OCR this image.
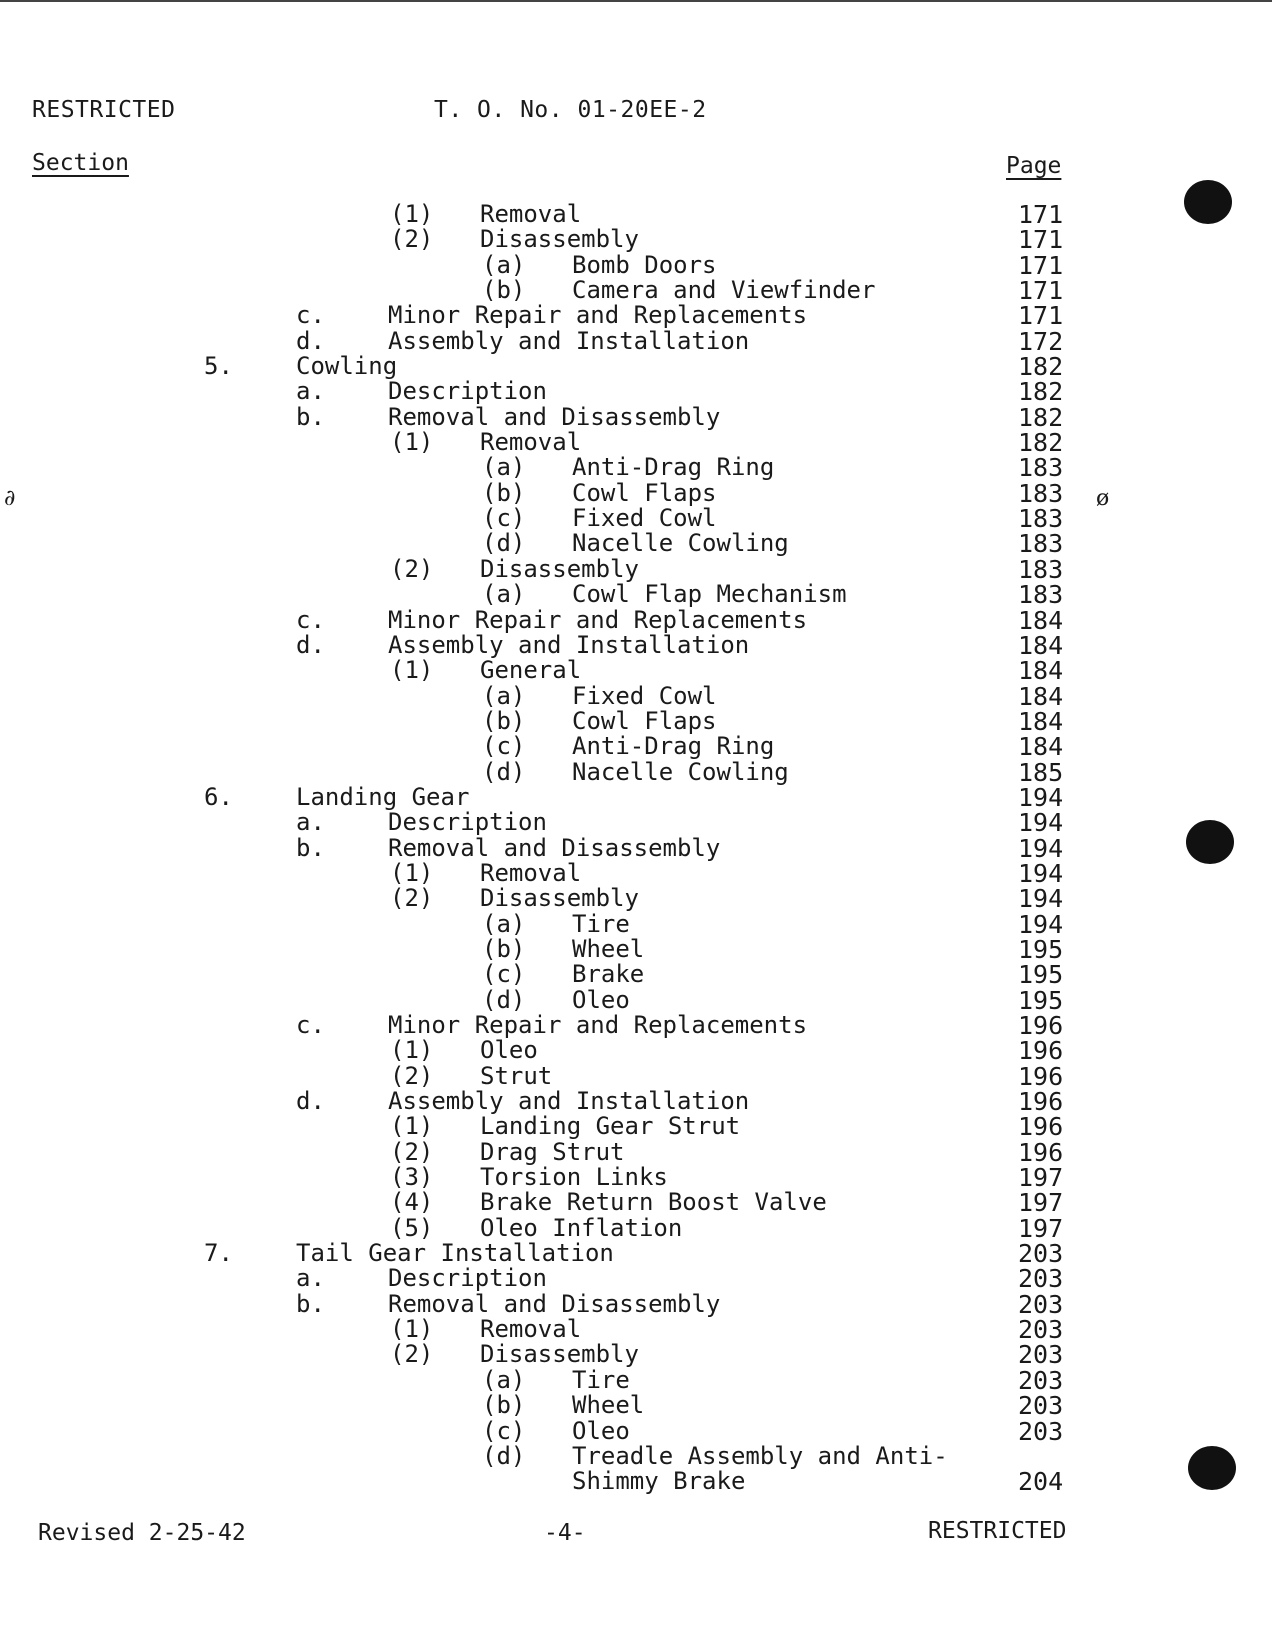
RESTRICTED	T. O. No. 01-20EE-2
Section	Page
(1) Removal	171
(2) Disassembly	171
(a) Bomb Doors	171
(b) Camera and Viewfinder	171
c.	Minor Repair and Replacements	171
d.	Assembly and Installation	172
5.	Cowling	182
a.	Description	182
b.	Removal and Disassembly	182
(1) Removal	182
(a) Anti-Drag Ring	183
(b) Cowl Flaps	183
(c) Fixed Cowl	183
(d) Nacelle Cowling	183
(2) Disassembly	183
(a) Cowl Flap Mechanism	183
c.	Minor Repair and Replacements	184
d.	Assembly and Installation	184
(1) General	184
(a) Fixed Cowl	184
(b) Cowl Flaps	184
(c) Anti-Drag Ring	184
(d) Nacelle Cowling	185
6.	Landing Gear	194
a.	Description	194
b.	Removal and Disassembly	194
(1) Removal	194
(2) Disassembly	194
(a) Tire	194
(b) Wheel	195
(c) Brake	195
(d) Oleo	195
c.	Minor Repair and Replacements	196
(1) Oleo	196
(2) Strut	196
d.	Assembly and Installation	196
(1) Landing Gear Strut	196
(2) Drag Strut	196
(3) Torsion Links	197
(4) Brake Return Boost Valve	197
(5) Oleo Inflation	197
7.	Tail Gear Installation	203
a.	Description	203
b.	Removal and Disassembly	203
(1) Removal	203
(2) Disassembly	203
(a) Tire	203
(b) Wheel	203
(c) Oleo	203
(d) Treadle Assembly and Anti-
Shimmy Brake	204
Revised 2-25-42	-4-	RESTRICTED
∂	ø
